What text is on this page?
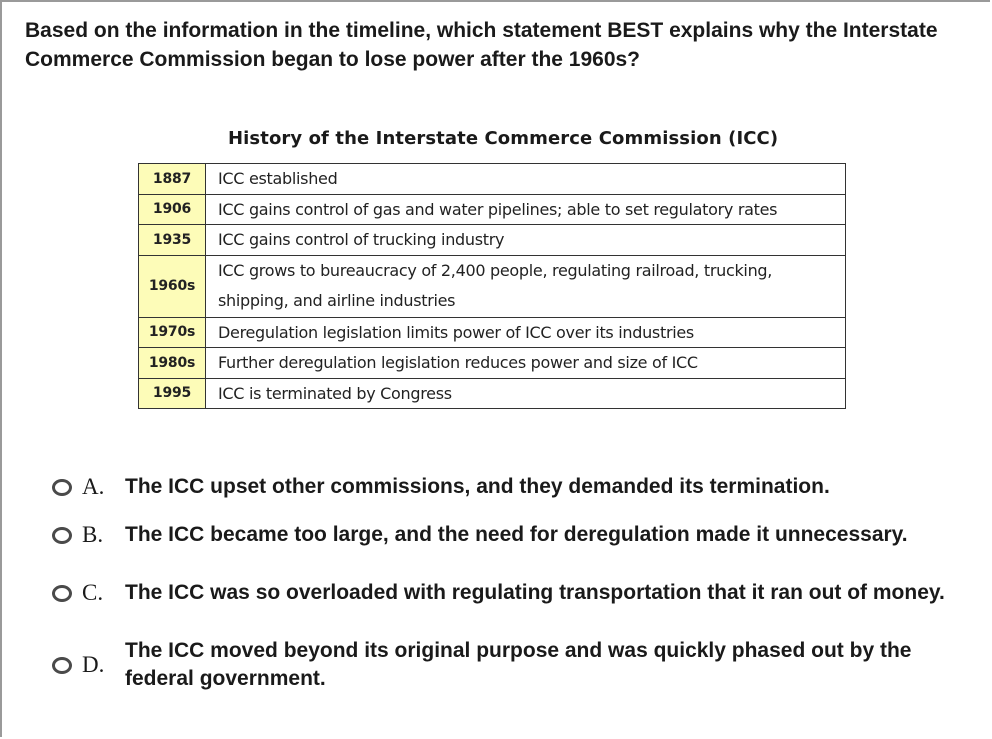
Based on the information in the timeline, which statement BEST explains why the Interstate Commerce Commission began to lose power after the 1960s?
History of the Interstate Commerce Commission (ICC)
1887	ICC established
1906	ICC gains control of gas and water pipelines; able to set regulatory rates
1935	ICC gains control of trucking industry
1960s	ICC grows to bureaucracy of 2,400 people, regulating railroad, trucking, shipping, and airline industries
1970s	Deregulation legislation limits power of ICC over its industries
1980s	Further deregulation legislation reduces power and size of ICC
1995	ICC is terminated by Congress
A. The ICC upset other commissions, and they demanded its termination.
B.	The ICC became too large, and the need for deregulation made it unnecessary.
C.	The ICC was so overloaded with regulating transportation that it ran out of money.
D.
The ICC moved beyond its original purpose and was quickly phased out by the federal government.
